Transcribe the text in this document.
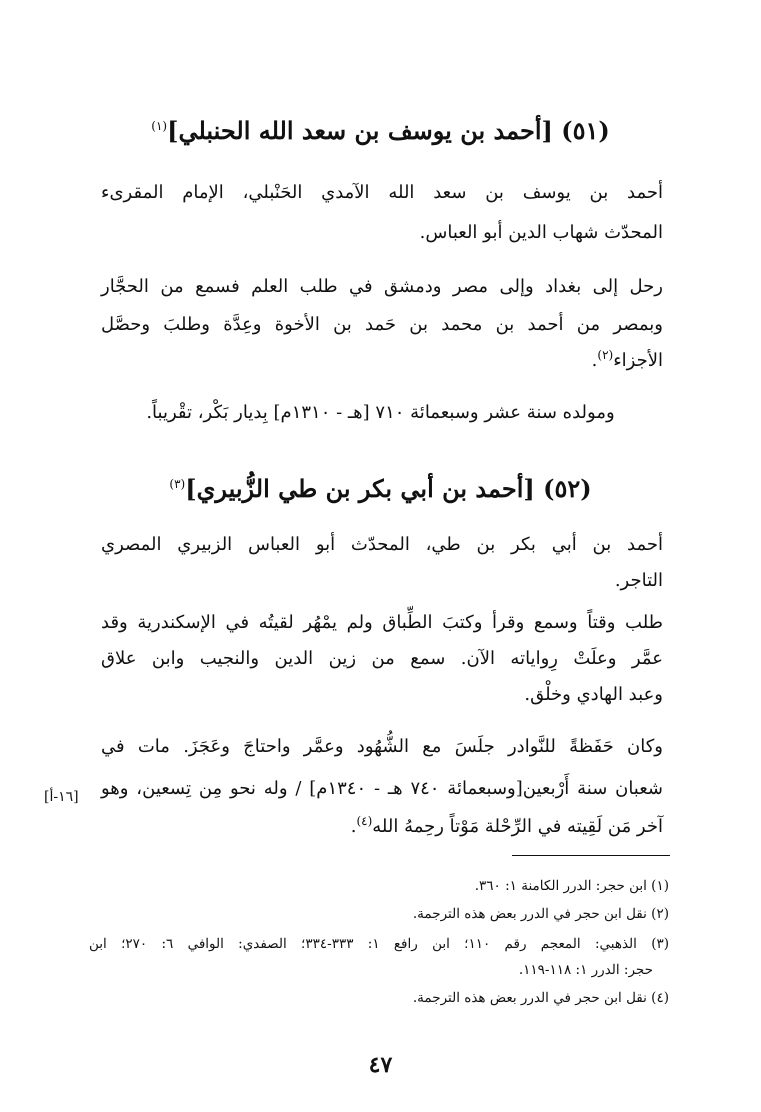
(٥١) [أحمد بن يوسف بن سعد الله الحنبلي]$^{(١)}$
أحمد بن يوسف بن سعد الله الآمدي الحَنْبلي، الإمام المقرىء
المحدّث شهاب الدين أبو العباس.
رحل إلى بغداد وإلى مصر ودمشق في طلب العلم فسمع من الحجَّار
وبمصر من أحمد بن محمد بن حَمد بن الأخوة وعِدَّة وطلبَ وحصَّل
الأجزاء$^{(٢)}$.
ومولده سنة عشر وسبعمائة ٧١٠ [هـ - ١٣١٠م] بِديار بَكْر، تقْريباً.
(٥٢) [أحمد بن أبي بكر بن طي الزُّبيري]$^{(٣)}$
أحمد بن أبي بكر بن طي، المحدّث أبو العباس الزبيري المصري
التاجر.
طلب وقتاً وسمع وقرأ وكتبَ الطِّباق ولم يمْهُر لقيتُه في الإسكندرية وقد
عمَّر وعلَتْ رِواياته الآن. سمع من زين الدين والنجيب وابن علاق
وعبد الهادي وخلْق.
وكان حَفَظةً للنَّوادر جلَسَ مع الشُّهُود وعمَّر واحتاجَ وعَجَزَ. مات في
شعبان سنة أَرْبعين[وسبعمائة ٧٤٠ هـ - ١٣٤٠م] / وله نحو مِن تِسعين، وهو
آخر مَن لَقِيته في الرِّحْلة مَوْتاً رحِمهُ الله$^{(٤)}$.
[١٦-أ]
(١) ابن حجر: الدرر الكامنة ١: ٣٦٠.
(٢) نقل ابن حجر في الدرر بعض هذه الترجمة.
(٣) الذهبي: المعجم رقم ١١٠؛ ابن رافع ١: ٣٣٣-٣٣٤؛ الصفدي: الوافي ٦: ٢٧٠؛ ابن
حجر: الدرر ١: ١١٨-١١٩.
(٤) نقل ابن حجر في الدرر بعض هذه الترجمة.
٤٧
